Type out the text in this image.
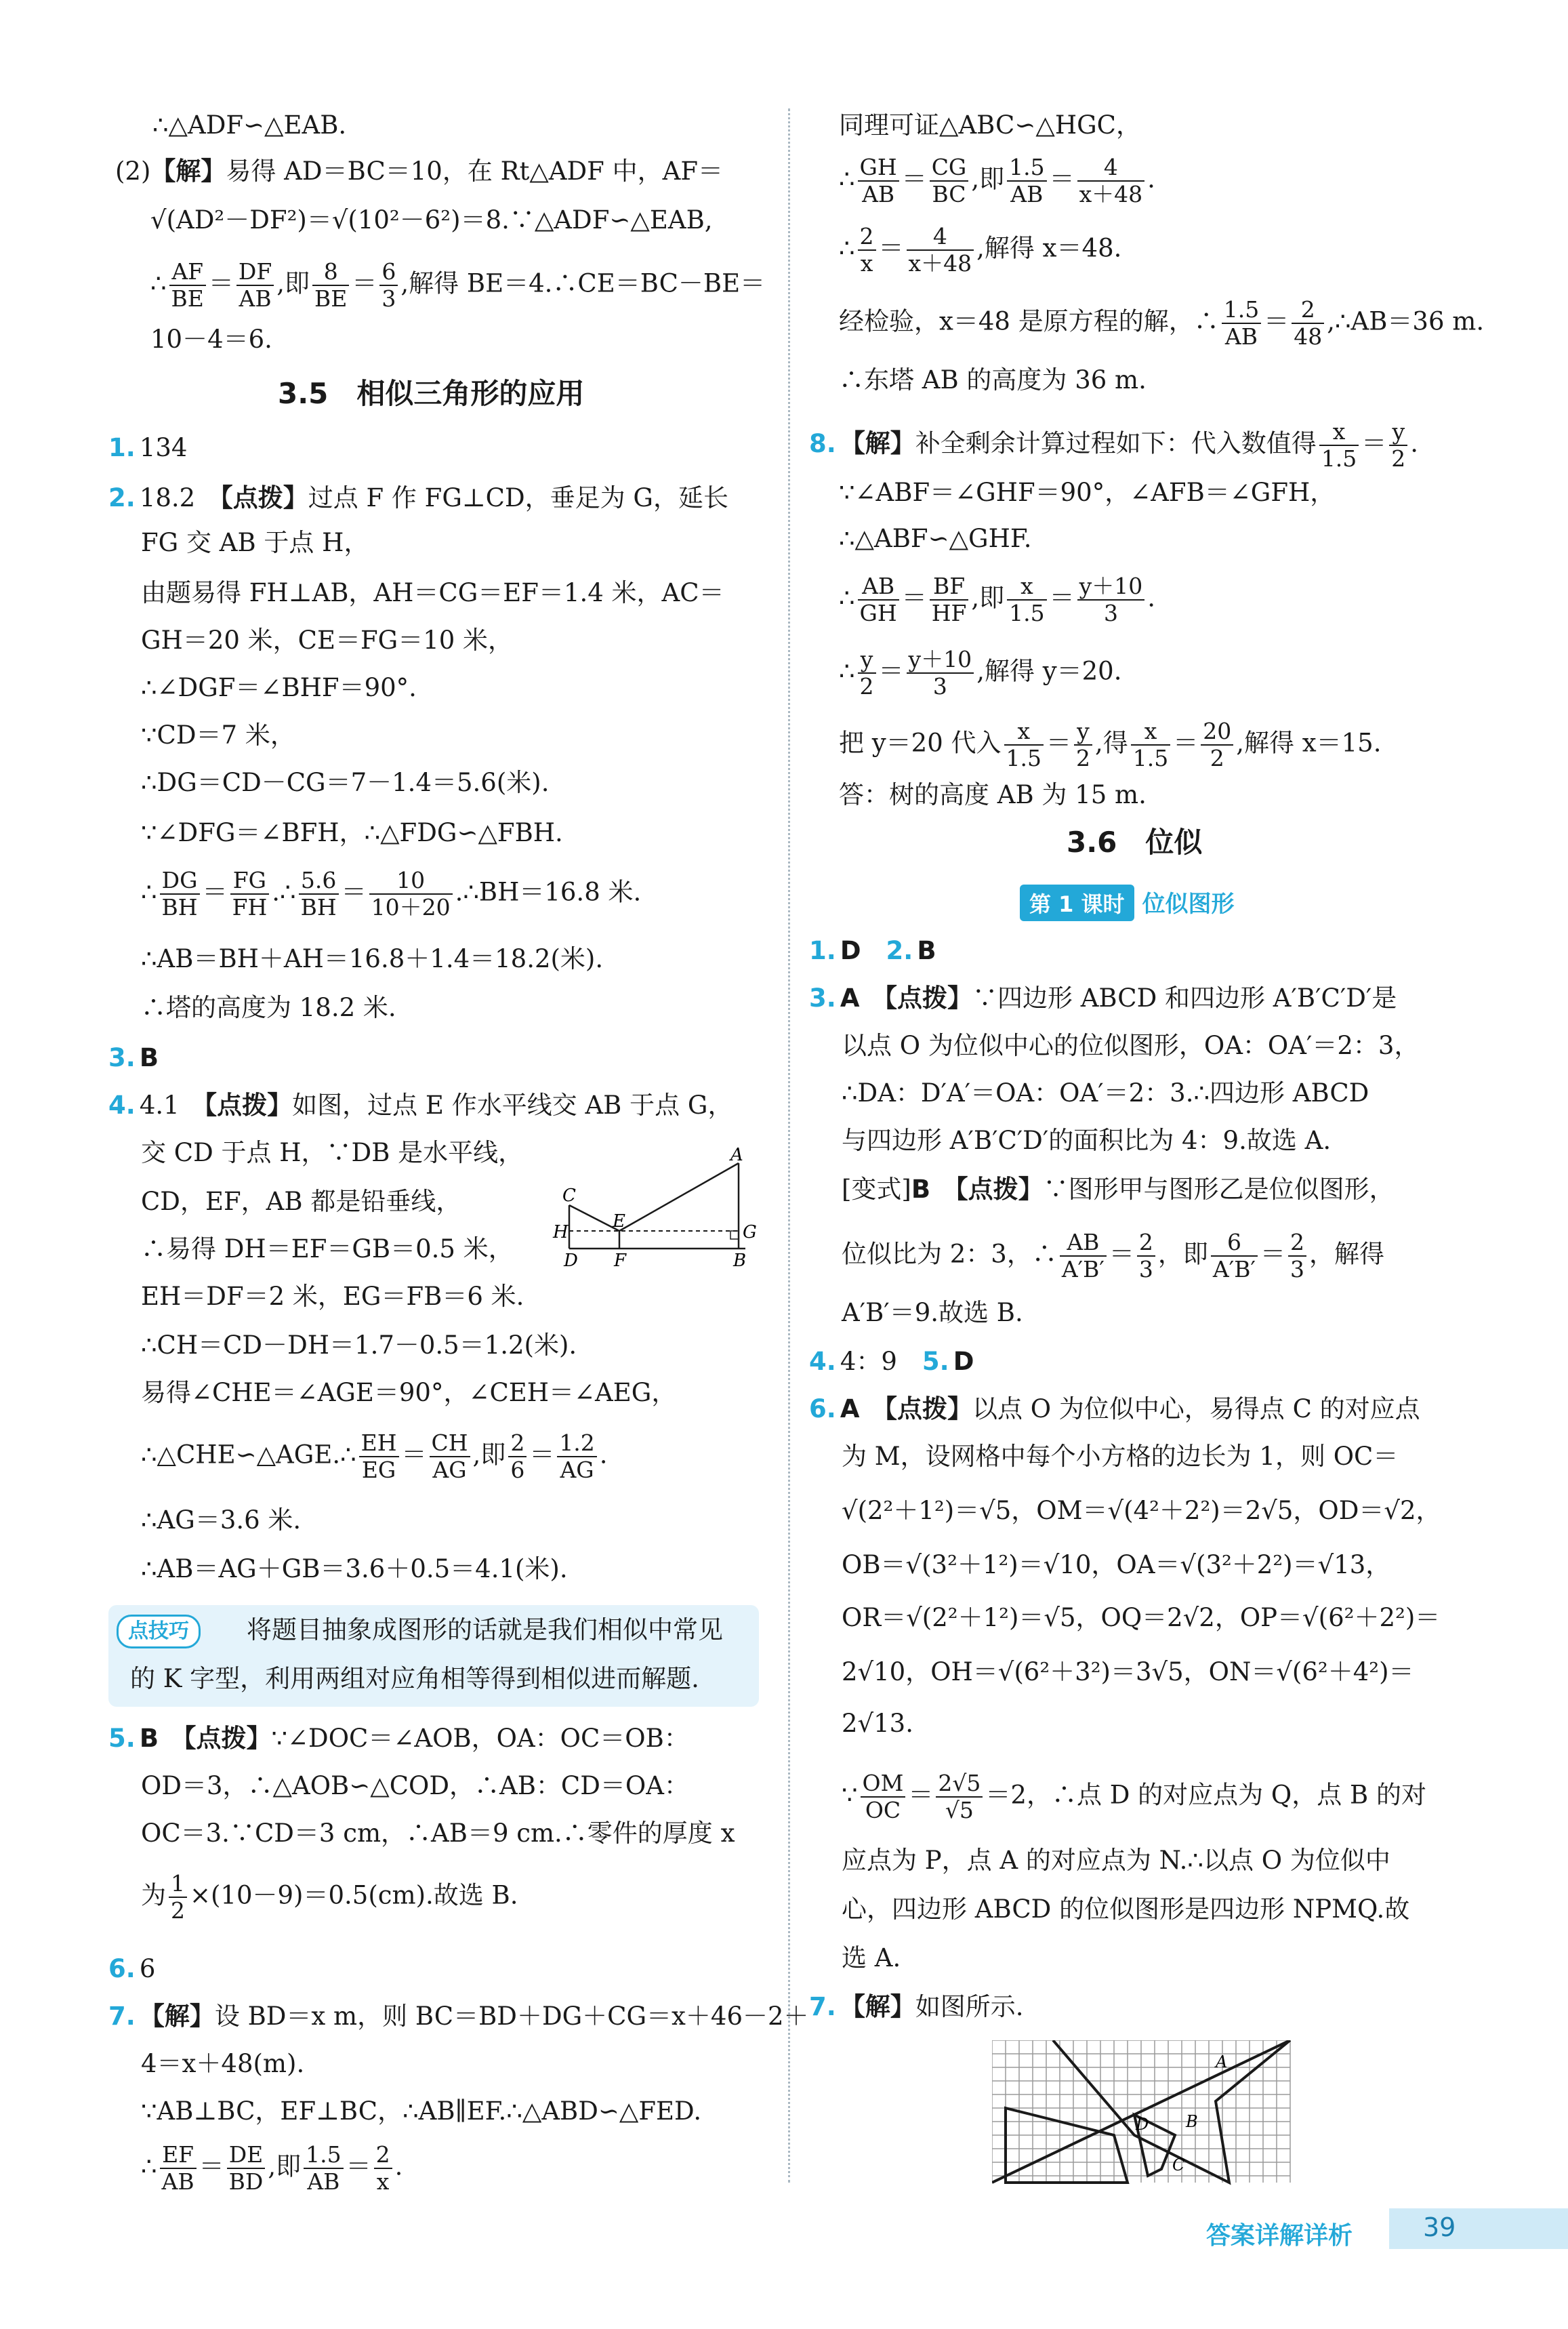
∴△ADF∽△EAB.
(2)【解】易得 AD＝BC＝10，在 Rt△ADF 中，AF＝
√(AD²－DF²)＝√(10²－6²)＝8.∵△ADF∽△EAB,
∴ $\frac{AF}{BE} = \frac{DF}{AB}$ ,即 $\frac{8}{BE} = \frac{6}{3}$ ,解得 BE＝4.∴CE＝BC－BE＝
10－4＝6.
3.5　相似三角形的应用
1. 134
2. 18.2　【点拨】过点 F 作 FG⊥CD，垂足为 G，延长
FG 交 AB 于点 H，
由题易得 FH⊥AB，AH＝CG＝EF＝1.4 米，AC＝
GH＝20 米，CE＝FG＝10 米，
∴∠DGF＝∠BHF＝90°.
∵CD＝7 米，
∴DG＝CD－CG＝7－1.4＝5.6(米).
∵∠DFG＝∠BFH，∴△FDG∽△FBH.
∴ $\frac{DG}{BH} = \frac{FG}{FH}$ .∴ $\frac{5.6}{BH} = \frac{10}{10+20}$ .∴BH＝16.8 米.
∴AB＝BH＋AH＝16.8＋1.4＝18.2(米).
∴塔的高度为 18.2 米.
3. B
4. 4.1　【点拨】如图，过点 E 作水平线交 AB 于点 G，
交 CD 于点 H，∵DB 是水平线，
CD，EF，AB 都是铅垂线，
∴易得 DH＝EF＝GB＝0.5 米，
EH＝DF＝2 米，EG＝FB＝6 米.
A
C
E
H	G
D F	B
∴CH＝CD－DH＝1.7－0.5＝1.2(米).
易得∠CHE＝∠AGE＝90°，∠CEH＝∠AEG，
∴△CHE∽△AGE.∴ $\frac{EH}{EG} = \frac{CH}{AG}$ ,即 $\frac{2}{6} = \frac{1.2}{AG}$ .
∴AG＝3.6 米.
∴AB＝AG＋GB＝3.6＋0.5＝4.1(米).
点技巧	将题目抽象成图形的话就是我们相似中常见
的 K 字型，利用两组对应角相等得到相似进而解题.
5. B　 【点拨】∵∠DOC＝∠AOB，OA：OC＝OB：
OD＝3，∴△AOB∽△COD，∴AB：CD＝OA：
OC＝3.∵CD＝3 cm，∴AB＝9 cm.∴零件的厚度 x
为 $\frac{1}{2} \times(10-9)=0.5(cm)$.故选 B.
6. 6
7. 【解】设 BD＝x m，则 BC＝BD＋DG＋CG＝x＋46－2＋
4＝x＋48(m).
∵AB⊥BC，EF⊥BC，∴AB∥EF.∴△ABD∽△FED.
∴ $\frac{EF}{AB} = \frac{DE}{BD}$ ,即 $\frac{1.5}{AB} = \frac{2}{x}$ .
同理可证△ABC∽△HGC，
∴ $\frac{GH}{AB} = \frac{CG}{BC}$ ,即 $\frac{1.5}{AB} = \frac{4}{x+48}$ .
∴ $\frac{2}{x} = \frac{4}{x+48}$ ,解得 x＝48.
经检验，x＝48 是原方程的解，∴ $\frac{1.5}{AB} = \frac{2}{48}$ ,∴AB＝36 m.
∴东塔 AB 的高度为 36 m.
8. 【解】补全剩余计算过程如下：代入数值得 $\frac{x}{1.5} = \frac{y}{2}$ .
∵∠ABF＝∠GHF＝90°，∠AFB＝∠GFH，
∴△ABF∽△GHF.
∴ $\frac{AB}{GH} = \frac{BF}{HF}$ ,即 $\frac{x}{1.5} = \frac{y+10}{3}$ .
∴ $\frac{y}{2} = \frac{y+10}{3}$ ,解得 y＝20.
把 y＝20 代入 $\frac{x}{1.5} = \frac{y}{2}$ ,得 $\frac{x}{1.5} = \frac{20}{2}$ ,解得 x＝15.
答：树的高度 AB 为 15 m.
3.6　位似
第 1 课时 位似图形
1. D　 2. B
3. A　 【点拨】∵四边形 ABCD 和四边形 A′B′C′D′是
以点 O 为位似中心的位似图形，OA：OA′＝2：3，
∴DA：D′A′＝OA：OA′＝2：3.∴四边形 ABCD
与四边形 A′B′C′D′的面积比为 4：9.故选 A.
[变式]B　 【点拨】∵图形甲与图形乙是位似图形，
位似比为 2：3，∴ $\frac{AB}{A'B'} = \frac{2}{3}$ ，即 $\frac{6}{A'B'} = \frac{2}{3}$ ，解得
A′B′＝9.故选 B.
4. 4：9　 5. D
6. A　 【点拨】以点 O 为位似中心，易得点 C 的对应点
为 M，设网格中每个小方格的边长为 1，则 OC＝
√(2²＋1²)＝√5，OM＝√(4²＋2²)＝2√5，OD＝√2，
OB＝√(3²＋1²)＝√10，OA＝√(3²＋2²)＝√13，
OR＝√(2²＋1²)＝√5，OQ＝2√2，OP＝√(6²＋2²)＝
2√10，OH＝√(6²＋3²)＝3√5，ON＝√(6²＋4²)＝
2√13.
∵ $\frac{OM}{OC} = \frac{2√5}{√5} =2$，∴点 D 的对应点为 Q，点 B 的对
应点为 P，点 A 的对应点为 N.∴以点 O 为位似中
心，四边形 ABCD 的位似图形是四边形 NPMQ.故
选 A.
7. 【解】如图所示.
A
B
C
D
答案详解详析	39
